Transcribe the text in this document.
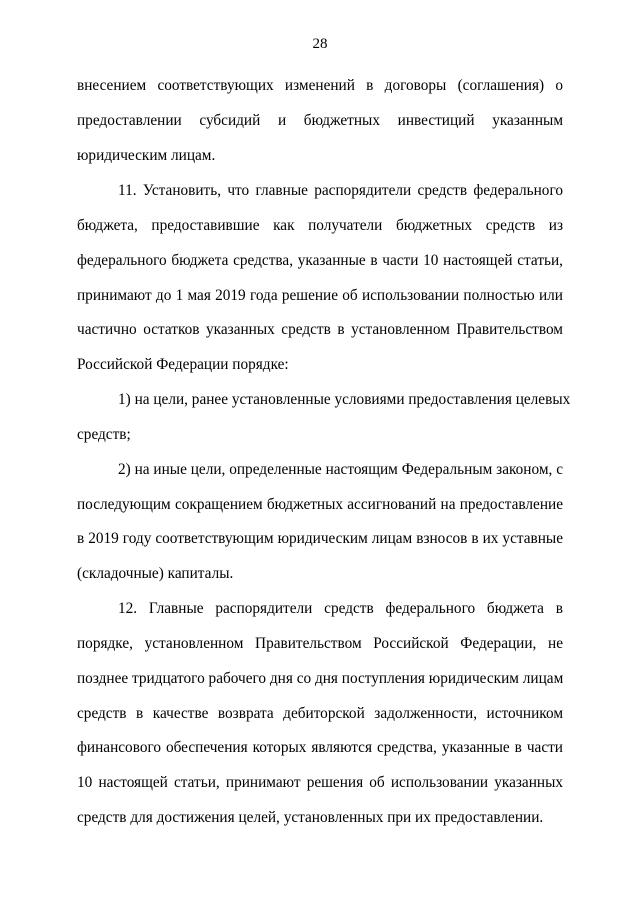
28
внесением соответствующих изменений в договоры (соглашения) о
предоставлении субсидий и бюджетных инвестиций указанным
юридическим лицам.
11. Установить, что главные распорядители средств федерального
бюджета, предоставившие как получатели бюджетных средств из
федерального бюджета средства, указанные в части 10 настоящей статьи,
принимают до 1 мая 2019 года решение об использовании полностью или
частично остатков указанных средств в установленном Правительством
Российской Федерации порядке:
1) на цели, ранее установленные условиями предоставления целевых
средств;
2) на иные цели, определенные настоящим Федеральным законом, с
последующим сокращением бюджетных ассигнований на предоставление
в 2019 году соответствующим юридическим лицам взносов в их уставные
(складочные) капиталы.
12. Главные распорядители средств федерального бюджета в
порядке, установленном Правительством Российской Федерации, не
позднее тридцатого рабочего дня со дня поступления юридическим лицам
средств в качестве возврата дебиторской задолженности, источником
финансового обеспечения которых являются средства, указанные в части
10 настоящей статьи, принимают решения об использовании указанных
средств для достижения целей, установленных при их предоставлении.
